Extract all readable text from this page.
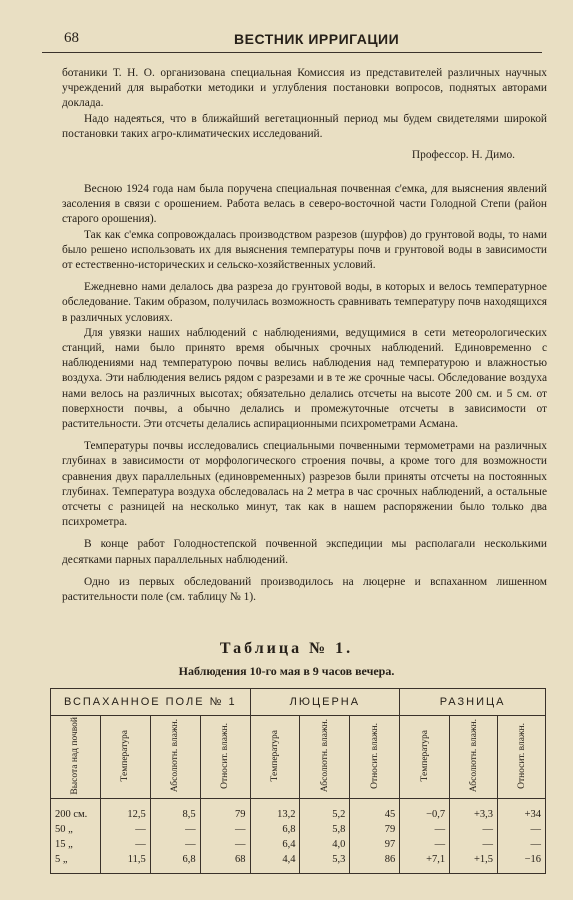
68	ВЕСТНИК ИРРИГАЦИИ

ботаники Т. Н. О. организована специальная Комиссия из представителей различных научных учреждений для выработки методики и углубления постановки вопросов, поднятых авторами доклада.

Надо надеяться, что в ближайший вегетационный период мы будем свидетелями широкой постановки таких агро-климатических исследований.

Профессор. Н. Димо.

Весною 1924 года нам была поручена специальная почвенная с'емка, для выяснения явлений засоления в связи с орошением. Работа велась в северо-восточной части Голодной Степи (район старого орошения).

Так как с'емка сопровождалась производством разрезов (шурфов) до грунтовой воды, то нами было решено использовать их для выяснения температуры почв и грунтовой воды в зависимости от естественно-исторических и сельско-хозяйственных условий.

Ежедневно нами делалось два разреза до грунтовой воды, в которых и велось температурное обследование. Таким образом, получилась возможность сравнивать температуру почв находящихся в различных условиях.

Для увязки наших наблюдений с наблюдениями, ведущимися в сети метеорологических станций, нами было принято время обычных срочных наблюдений. Единовременно с наблюдениями над температурою почвы велись наблюдения над температурою и влажностью воздуха. Эти наблюдения велись рядом с разрезами и в те же срочные часы. Обследование воздуха нами велось на различных высотах; обязательно делались отсчеты на высоте 200 см. и 5 см. от поверхности почвы, а обычно делались и промежуточные отсчеты в зависимости от растительности. Эти отсчеты делались аспирационными психрометрами Асмана.

Температуры почвы исследовались специальными почвенными термометрами на различных глубинах в зависимости от морфологического строения почвы, а кроме того для возможности сравнения двух параллельных (единовременных) разрезов были приняты отсчеты на постоянных глубинах. Температура воздуха обследовалась на 2 метра в час срочных наблюдений, а остальные отсчеты с разницей на несколько минут, так как в нашем распоряжении было только два психрометра.

В конце работ Голодностепской почвенной экспедиции мы располагали несколькими десятками парных параллельных наблюдений.

Одно из первых обследований производилось на люцерне и вспаханном лишенном растительности поле (см. таблицу № 1).

Таблица № 1.
Наблюдения 10-го мая в 9 часов вечера.
ВСПАХАННОЕ ПОЛЕ № 1				ЛЮЦЕРНА			РАЗНИЦА		
Высота над почвой	Температура	Абсолютн. влажн.	Относит. влажн.	Температура	Абсолютн. влажн.	Относит. влажн.	Температура	Абсолютн. влажн.	Относит. влажн.
200 см.	12,5	8,5	79	13,2	5,2	45	−0,7	+3,3	+34
50 „	—	—	—	6,8	5,8	79	—	—	—
15 „	—	—	—	6,4	4,0	97	—	—	—
5 „	11,5	6,8	68	4,4	5,3	86	+7,1	+1,5	−16
